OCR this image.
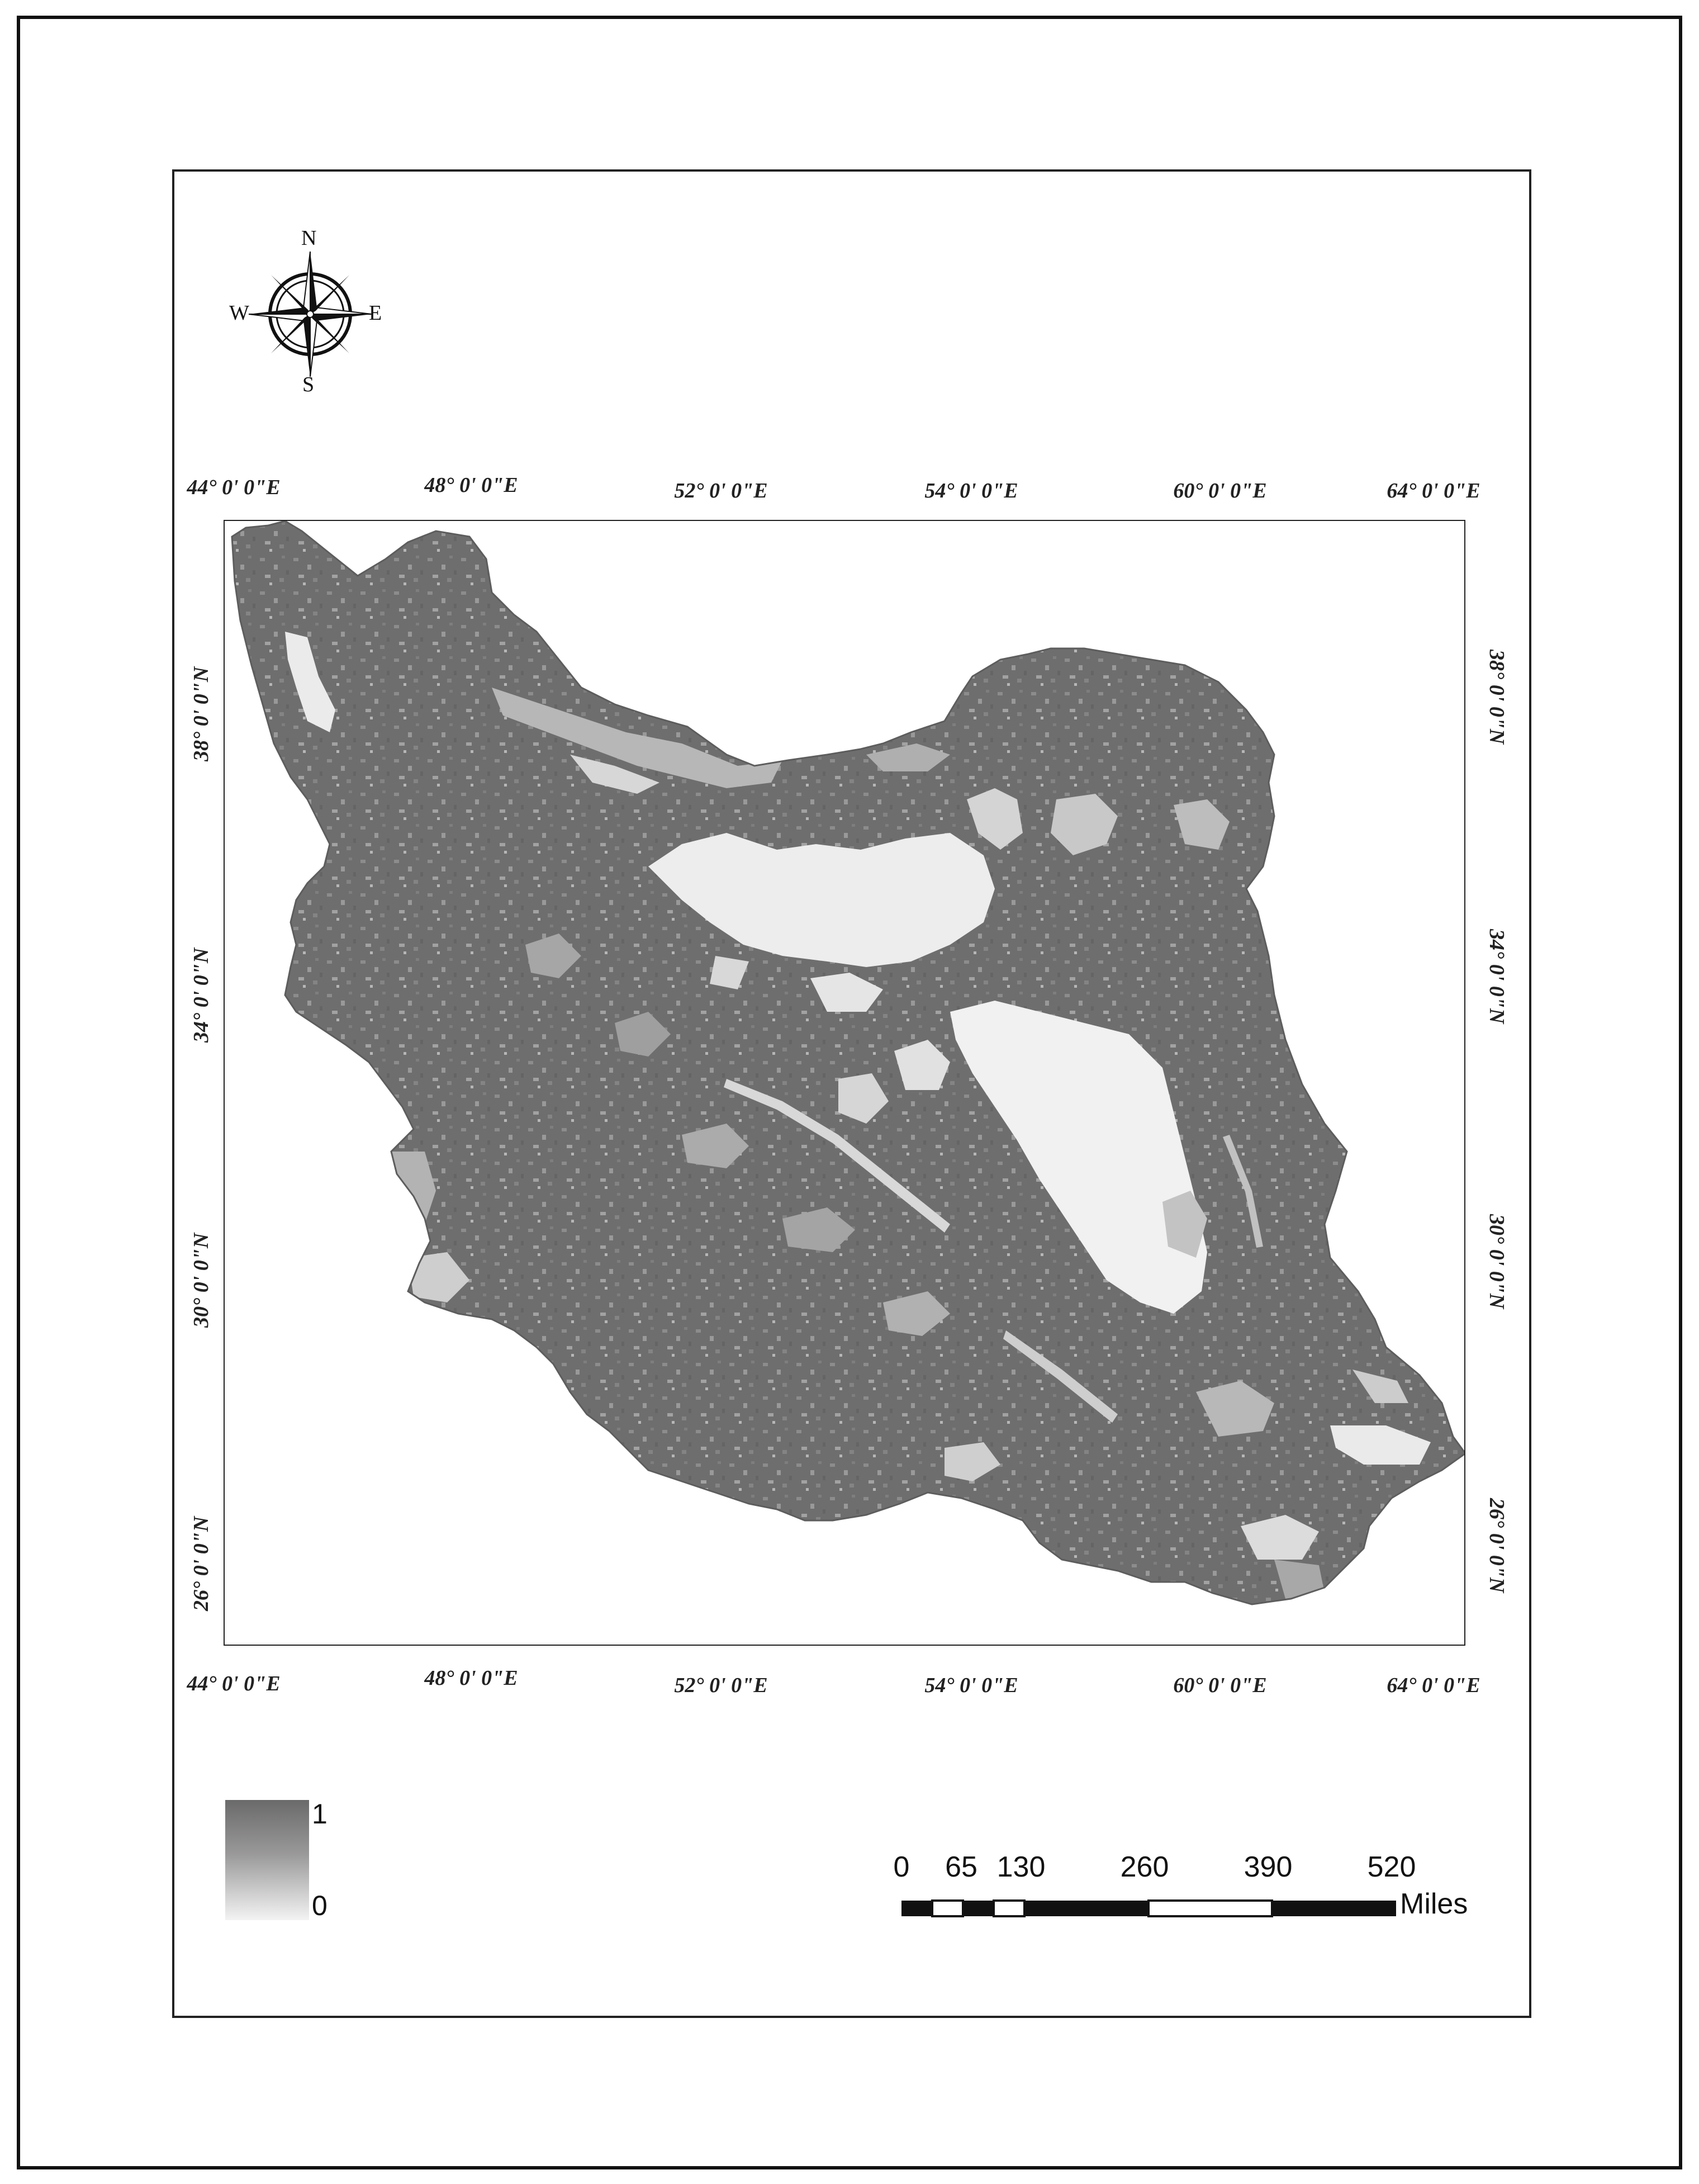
N
S
W	E
44° 0' 0"E	48° 0' 0"E	52° 0' 0"E	54° 0' 0"E	60° 0' 0"E	64° 0' 0"E
44° 0' 0"E	48° 0' 0"E	52° 0' 0"E	54° 0' 0"E	60° 0' 0"E	64° 0' 0"E
38° 0' 0"N
34° 0' 0"N
30° 0' 0"N
26° 0' 0"N
38° 0' 0"N
34° 0' 0"N
30° 0' 0"N
26° 0' 0"N
1
0
0 65 130	260	390	520
Miles
